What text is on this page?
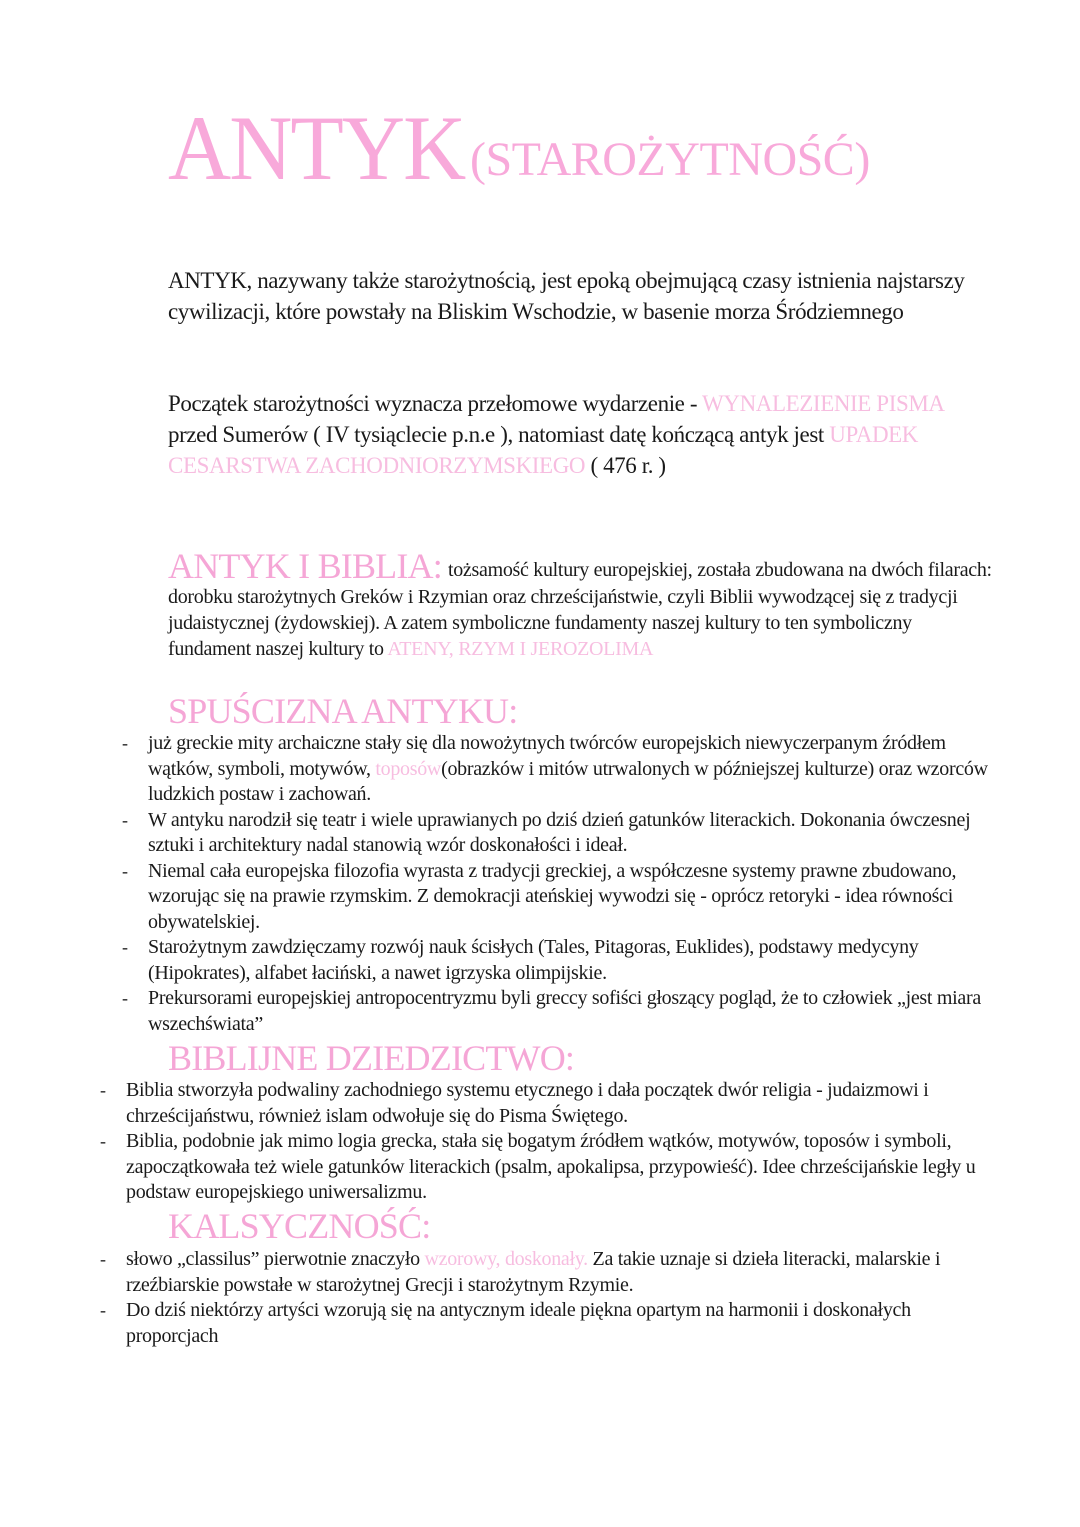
ANTYK (STAROŻYTNOŚĆ)
ANTYK, nazywany także starożytnością, jest epoką obejmującą czasy istnienia najstarszy cywilizacji, które powstały na Bliskim Wschodzie, w basenie morza Śródziemnego
Początek starożytności wyznacza przełomowe wydarzenie - WYNALEZIENIE PISMA przed Sumerów ( IV tysiąclecie p.n.e ), natomiast datę kończącą antyk jest UPADEK CESARSTWA ZACHODNIORZYMSKIEGO ( 476 r. )
ANTYK I BIBLIA: tożsamość kultury europejskiej, została zbudowana na dwóch filarach: dorobku starożytnych Greków i Rzymian oraz chrześcijaństwie, czyli Biblii wywodzącej się z tradycji judaistycznej (żydowskiej). A zatem symboliczne fundamenty naszej kultury to ten symboliczny fundament naszej kultury to ATENY, RZYM I JEROZOLIMA
SPUŚCIZNA ANTYKU:
- już greckie mity archaiczne stały się dla nowożytnych twórców europejskich niewyczerpanym źródłem wątków, symboli, motywów, toposów(obrazków i mitów utrwalonych w późniejszej kulturze) oraz wzorców ludzkich postaw i zachowań.
- W antyku narodził się teatr i wiele uprawianych po dziś dzień gatunków literackich. Dokonania ówczesnej sztuki i architektury nadal stanowią wzór doskonałości i ideał.
- Niemal cała europejska filozofia wyrasta z tradycji greckiej, a współczesne systemy prawne zbudowano, wzorując się na prawie rzymskim. Z demokracji ateńskiej wywodzi się - oprócz retoryki - idea równości obywatelskiej.
- Starożytnym zawdzięczamy rozwój nauk ścisłych (Tales, Pitagoras, Euklides), podstawy medycyny (Hipokrates), alfabet łaciński, a nawet igrzyska olimpijskie.
- Prekursorami europejskiej antropocentryzmu byli greccy sofiści głoszący pogląd, że to człowiek „jest miara wszechświata”
BIBLIJNE DZIEDZICTWO:
- Biblia stworzyła podwaliny zachodniego systemu etycznego i dała początek dwór religia - judaizmowi i chrześcijaństwu, również islam odwołuje się do Pisma Świętego.
- Biblia, podobnie jak mimo logia grecka, stała się bogatym źródłem wątków, motywów, toposów i symboli, zapoczątkowała też wiele gatunków literackich (psalm, apokalipsa, przypowieść). Idee chrześcijańskie legły u podstaw europejskiego uniwersalizmu.
KALSYCZNOŚĆ:
- słowo „classilus” pierwotnie znaczyło wzorowy, doskonały. Za takie uznaje si dzieła literacki, malarskie i rzeźbiarskie powstałe w starożytnej Grecji i starożytnym Rzymie.
- Do dziś niektórzy artyści wzorują się na antycznym ideale piękna opartym na harmonii i doskonałych proporcjach
